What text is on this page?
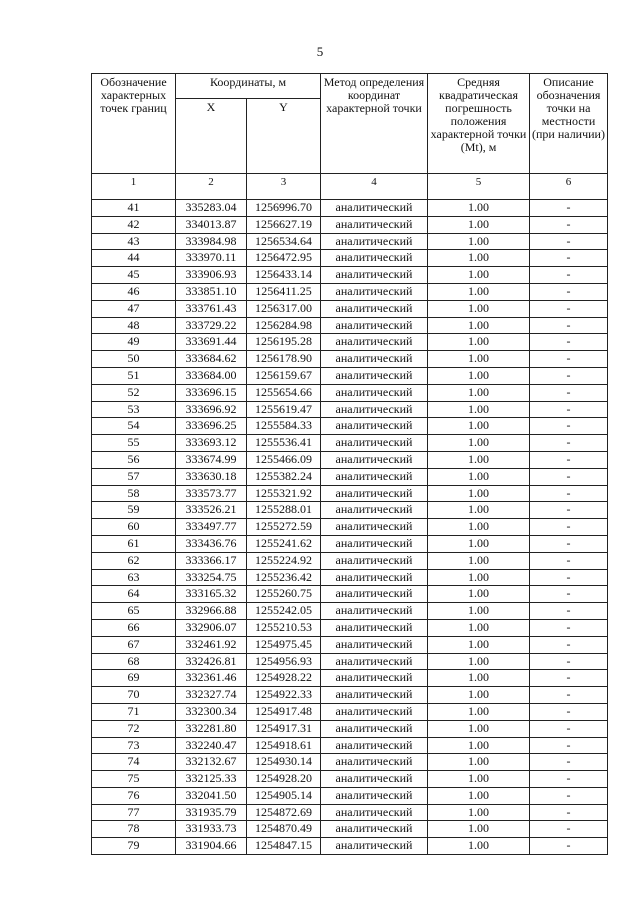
5
Обозначение характерных точек границ	Координаты, м		Метод определения координат характерной точки	Средняя квадратическая погрешность положения характерной точки (Mt), м	Описание обозначения точки на местности (при наличии)
	X	Y			
1	2	3	4	5	6
41	335283.04	1256996.70	аналитический	1.00	-
42	334013.87	1256627.19	аналитический	1.00	-
43	333984.98	1256534.64	аналитический	1.00	-
44	333970.11	1256472.95	аналитический	1.00	-
45	333906.93	1256433.14	аналитический	1.00	-
46	333851.10	1256411.25	аналитический	1.00	-
47	333761.43	1256317.00	аналитический	1.00	-
48	333729.22	1256284.98	аналитический	1.00	-
49	333691.44	1256195.28	аналитический	1.00	-
50	333684.62	1256178.90	аналитический	1.00	-
51	333684.00	1256159.67	аналитический	1.00	-
52	333696.15	1255654.66	аналитический	1.00	-
53	333696.92	1255619.47	аналитический	1.00	-
54	333696.25	1255584.33	аналитический	1.00	-
55	333693.12	1255536.41	аналитический	1.00	-
56	333674.99	1255466.09	аналитический	1.00	-
57	333630.18	1255382.24	аналитический	1.00	-
58	333573.77	1255321.92	аналитический	1.00	-
59	333526.21	1255288.01	аналитический	1.00	-
60	333497.77	1255272.59	аналитический	1.00	-
61	333436.76	1255241.62	аналитический	1.00	-
62	333366.17	1255224.92	аналитический	1.00	-
63	333254.75	1255236.42	аналитический	1.00	-
64	333165.32	1255260.75	аналитический	1.00	-
65	332966.88	1255242.05	аналитический	1.00	-
66	332906.07	1255210.53	аналитический	1.00	-
67	332461.92	1254975.45	аналитический	1.00	-
68	332426.81	1254956.93	аналитический	1.00	-
69	332361.46	1254928.22	аналитический	1.00	-
70	332327.74	1254922.33	аналитический	1.00	-
71	332300.34	1254917.48	аналитический	1.00	-
72	332281.80	1254917.31	аналитический	1.00	-
73	332240.47	1254918.61	аналитический	1.00	-
74	332132.67	1254930.14	аналитический	1.00	-
75	332125.33	1254928.20	аналитический	1.00	-
76	332041.50	1254905.14	аналитический	1.00	-
77	331935.79	1254872.69	аналитический	1.00	-
78	331933.73	1254870.49	аналитический	1.00	-
79	331904.66	1254847.15	аналитический	1.00	-
